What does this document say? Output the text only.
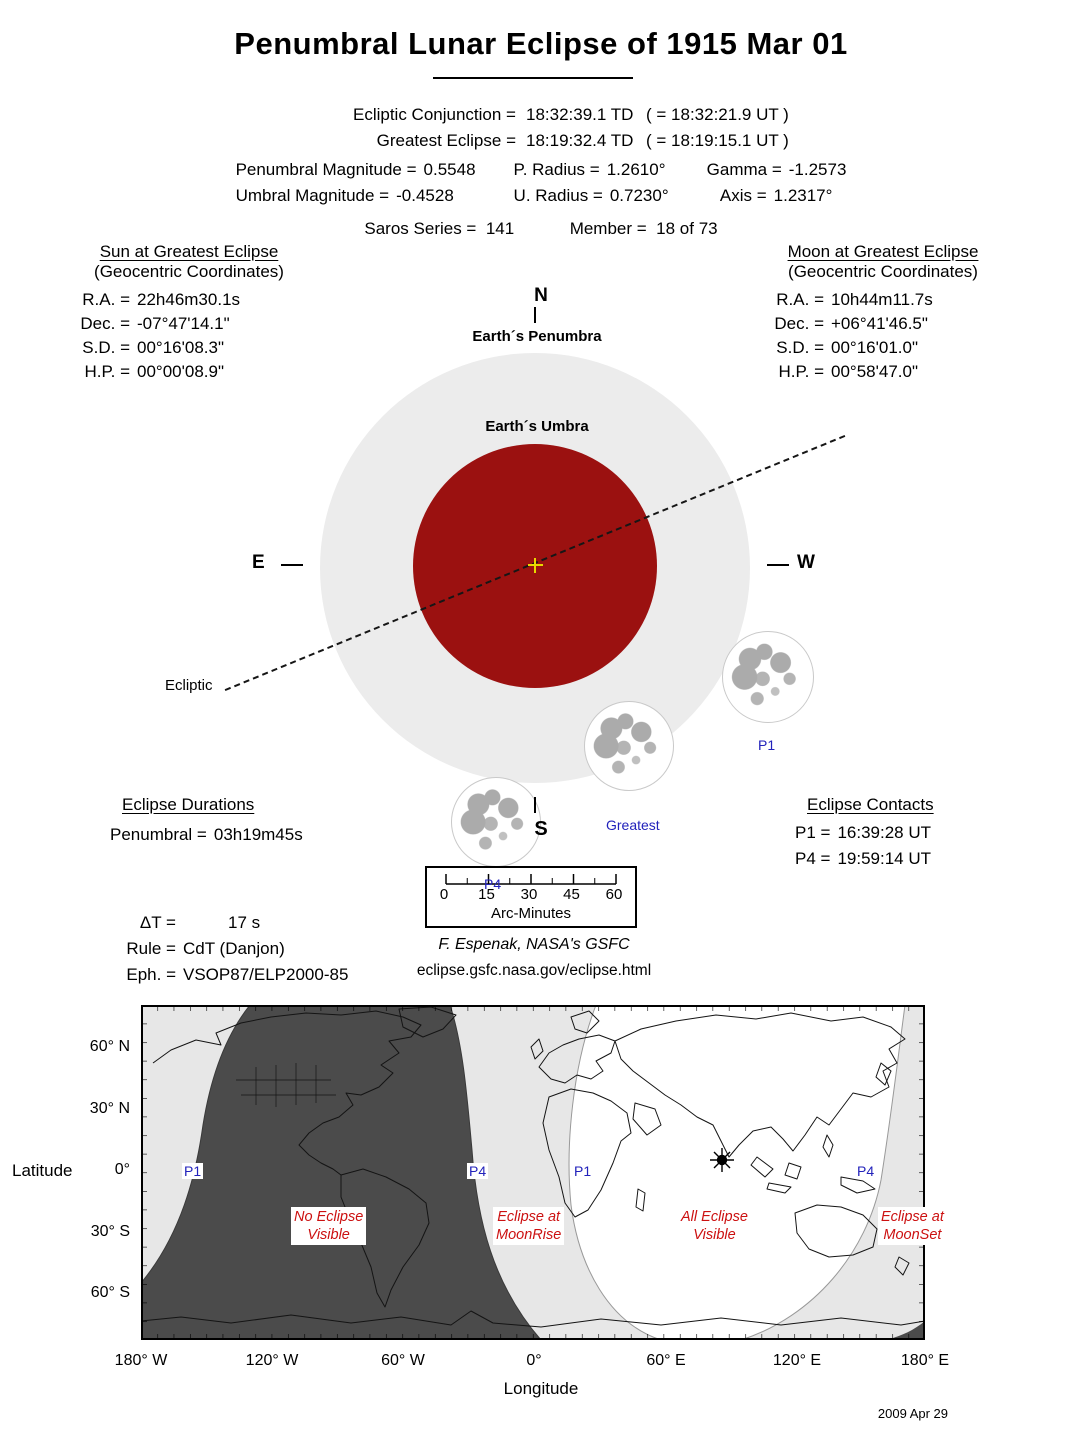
Penumbral Lunar Eclipse of 1915 Mar 01
Ecliptic Conjunction = 18:32:39.1 TD ( = 18:32:21.9 UT )
Greatest Eclipse = 18:19:32.4 TD ( = 18:19:15.1 UT )
Penumbral Magnitude = 0.5548
Umbral Magnitude = -0.4528
P. Radius = 1.2610°
U. Radius = 0.7230°
Gamma = -1.2573
Axis = 1.2317°
Saros Series = 141	Member = 18 of 73
Sun at Greatest Eclipse
(Geocentric Coordinates)
R.A. = 22h46m30.1s
Dec. = -07°47'14.1"
S.D. = 00°16'08.3"
H.P. = 00°00'08.9"
Moon at Greatest Eclipse
(Geocentric Coordinates)
R.A. = 10h44m11.7s
Dec. = +06°41'46.5"
S.D. = 00°16'01.0"
H.P. = 00°58'47.0"
N
Earth´s Penumbra
Earth´s Umbra
Ecliptic
E	W
P1
Greatest
P4
S
Eclipse Durations
Penumbral = 03h19m45s
Eclipse Contacts
P1 = 16:39:28 UT
P4 = 19:59:14 UT
0	15	30	45	60
Arc-Minutes
ΔT =	17 s
Rule = CdT (Danjon)
Eph. = VSOP87/ELP2000-85
F. Espenak, NASA's GSFC
eclipse.gsfc.nasa.gov/eclipse.html
P1	P4	P1	P4
No Eclipse
Visible
Eclipse at
MoonRise
All Eclipse
Visible
Eclipse at
MoonSet
Latitude
60° N
30° N
0°
30° S
60° S
180° W	120° W	60° W	0°	60° E	120° E	180° E
Longitude
2009 Apr 29
